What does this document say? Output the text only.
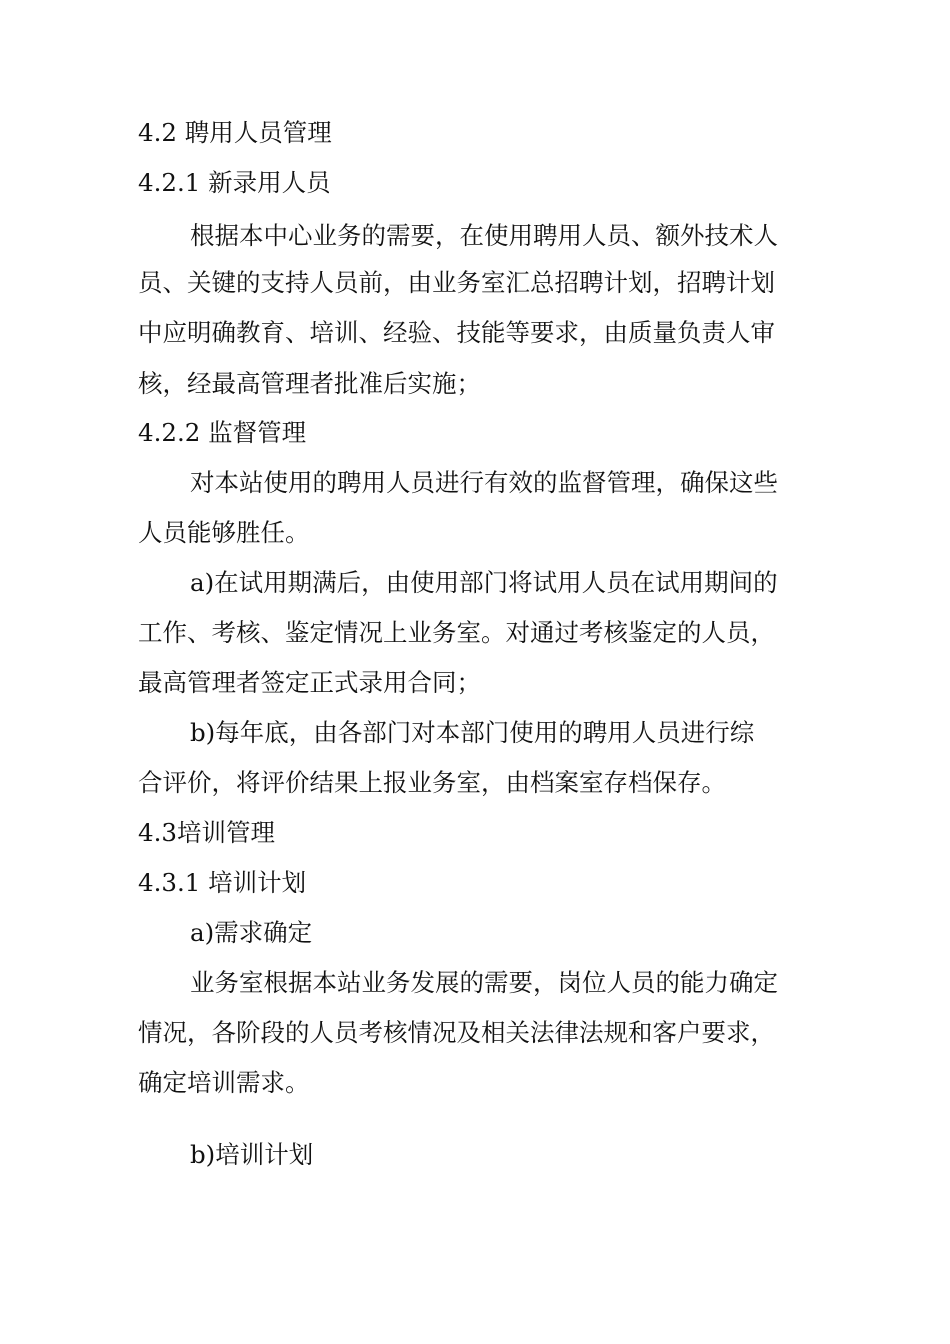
4.2 聘用人员管理
4.2.1 新录用人员
根据本中心业务的需要，在使用聘用人员、额外技术人
员、关键的支持人员前，由业务室汇总招聘计划，招聘计划
中应明确教育、培训、经验、技能等要求，由质量负责人审
核，经最高管理者批准后实施；
4.2.2 监督管理
对本站使用的聘用人员进行有效的监督管理，确保这些
人员能够胜任。
a)在试用期满后，由使用部门将试用人员在试用期间的
工作、考核、鉴定情况上业务室。对通过考核鉴定的人员，
最高管理者签定正式录用合同；
b)每年底，由各部门对本部门使用的聘用人员进行综
合评价，将评价结果上报业务室，由档案室存档保存。
4.3培训管理
4.3.1 培训计划
a)需求确定
业务室根据本站业务发展的需要，岗位人员的能力确定
情况，各阶段的人员考核情况及相关法律法规和客户要求，
确定培训需求。
b)培训计划
